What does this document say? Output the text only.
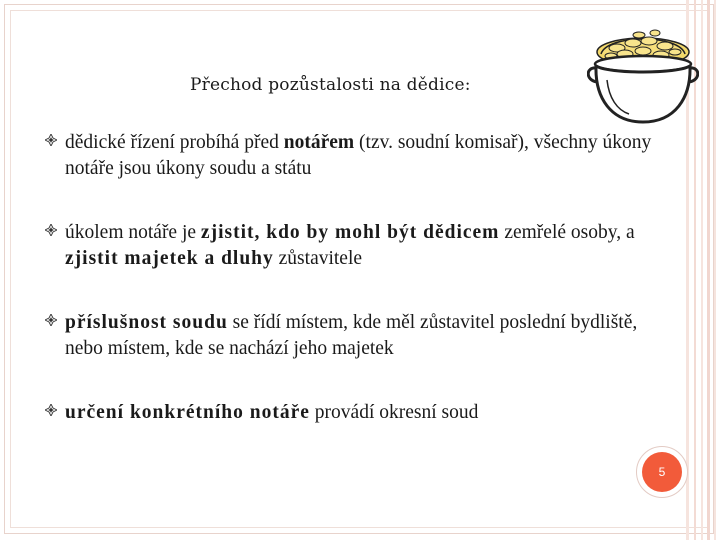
Přechod pozůstalosti na dědice:
dědické řízení probíhá před notářem (tzv. soudní komisař), všechny úkony notáře jsou úkony soudu a státu
úkolem notáře je zjistit, kdo by mohl být dědicem zemřelé osoby, a zjistit majetek a dluhy zůstavitele
příslušnost soudu se řídí místem, kde měl zůstavitel poslední bydliště, nebo místem, kde se nachází jeho majetek
určení konkrétního notáře provádí okresní soud
5
